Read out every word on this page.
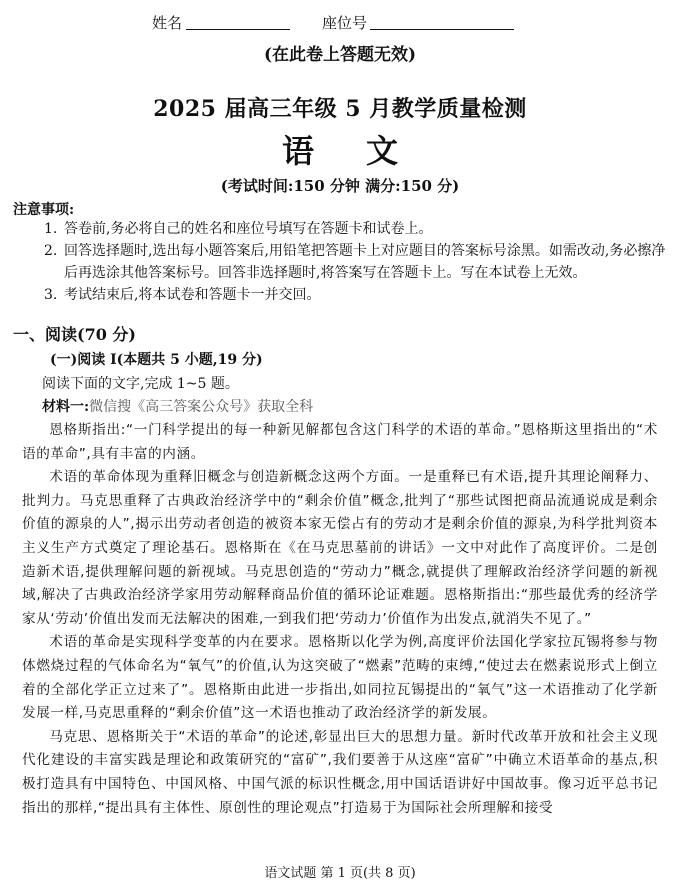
姓名	座位号
(在此卷上答题无效)
2025 届高三年级 5 月教学质量检测
语 文
(考试时间:150 分钟 满分:150 分)
注意事项:
1. 答卷前,务必将自己的姓名和座位号填写在答题卡和试卷上。
2. 回答选择题时,选出每小题答案后,用铅笔把答题卡上对应题目的答案标号涂黑。如需改动,务必擦净后再选涂其他答案标号。回答非选择题时,将答案写在答题卡上。写在本试卷上无效。
3. 考试结束后,将本试卷和答题卡一并交回。
一、阅读(70 分)
(一)阅读 I(本题共 5 小题,19 分)
阅读下面的文字,完成 1~5 题。
材料一:微信搜《高三答案公众号》获取全科

恩格斯指出:“一门科学提出的每一种新见解都包含这门科学的术语的革命。”恩格斯这里指出的“术语的革命”,具有丰富的内涵。

术语的革命体现为重释旧概念与创造新概念这两个方面。一是重释已有术语,提升其理论阐释力、批判力。马克思重释了古典政治经济学中的“剩余价值”概念,批判了“那些试图把商品流通说成是剩余价值的源泉的人”,揭示出劳动者创造的被资本家无偿占有的劳动才是剩余价值的源泉,为科学批判资本主义生产方式奠定了理论基石。恩格斯在《在马克思墓前的讲话》一文中对此作了高度评价。二是创造新术语,提供理解问题的新视域。马克思创造的“劳动力”概念,就提供了理解政治经济学问题的新视域,解决了古典政治经济学家用劳动解释商品价值的循环论证难题。恩格斯指出:“那些最优秀的经济学家从‘劳动’价值出发而无法解决的困难,一到我们把‘劳动力’价值作为出发点,就消失不见了。”

术语的革命是实现科学变革的内在要求。恩格斯以化学为例,高度评价法国化学家拉瓦锡将参与物体燃烧过程的气体命名为“氧气”的价值,认为这突破了“燃素”范畴的束缚,“使过去在燃素说形式上倒立着的全部化学正立过来了”。恩格斯由此进一步指出,如同拉瓦锡提出的“氧气”这一术语推动了化学新发展一样,马克思重释的“剩余价值”这一术语也推动了政治经济学的新发展。

马克思、恩格斯关于“术语的革命”的论述,彰显出巨大的思想力量。新时代改革开放和社会主义现代化建设的丰富实践是理论和政策研究的“富矿”,我们要善于从这座“富矿”中确立术语革命的基点,积极打造具有中国特色、中国风格、中国气派的标识性概念,用中国话语讲好中国故事。像习近平总书记指出的那样,“提出具有主体性、原创性的理论观点”打造易于为国际社会所理解和接受

语文试题 第 1 页(共 8 页)
